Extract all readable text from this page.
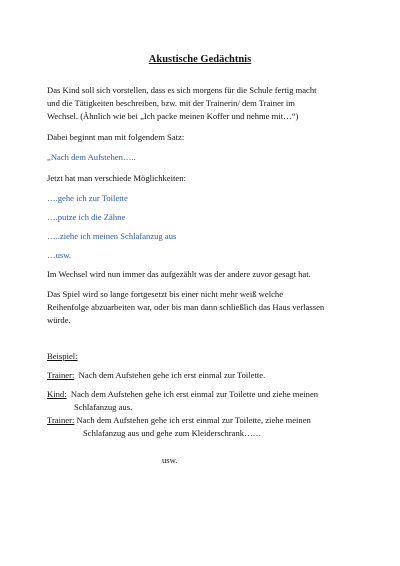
Akustische Gedächtnis
Das Kind soll sich vorstellen, dass es sich morgens für die Schule fertig macht
und die Tätigkeiten beschreiben, bzw. mit der Trainerin/ dem Trainer im
Wechsel. (Ähnlich wie bei „Ich packe meinen Koffer und nehme mit…“)
Dabei beginnt man mit folgendem Satz:
„Nach dem Aufstehen…..
Jetzt hat man verschiede Möglichkeiten:
….gehe ich zur Toilette
….putze ich die Zähne
…..ziehe ich meinen Schlafanzug aus
…usw.
Im Wechsel wird nun immer das aufgezählt was der andere zuvor gesagt hat.
Das Spiel wird so lange fortgesetzt bis einer nicht mehr weiß welche
Reihenfolge abzuarbeiten war, oder bis man dann schließlich das Haus verlassen
würde.
Beispiel:
Trainer: Nach dem Aufstehen gehe ich erst einmal zur Toilette.
Kind: Nach dem Aufstehen gehe ich erst einmal zur Toilette und ziehe meinen
Schlafanzug aus.
Trainer: Nach dem Aufstehen gehe ich erst einmal zur Toilette, ziehe meinen
Schlafanzug aus und gehe zum Kleiderschrank……
usw.
